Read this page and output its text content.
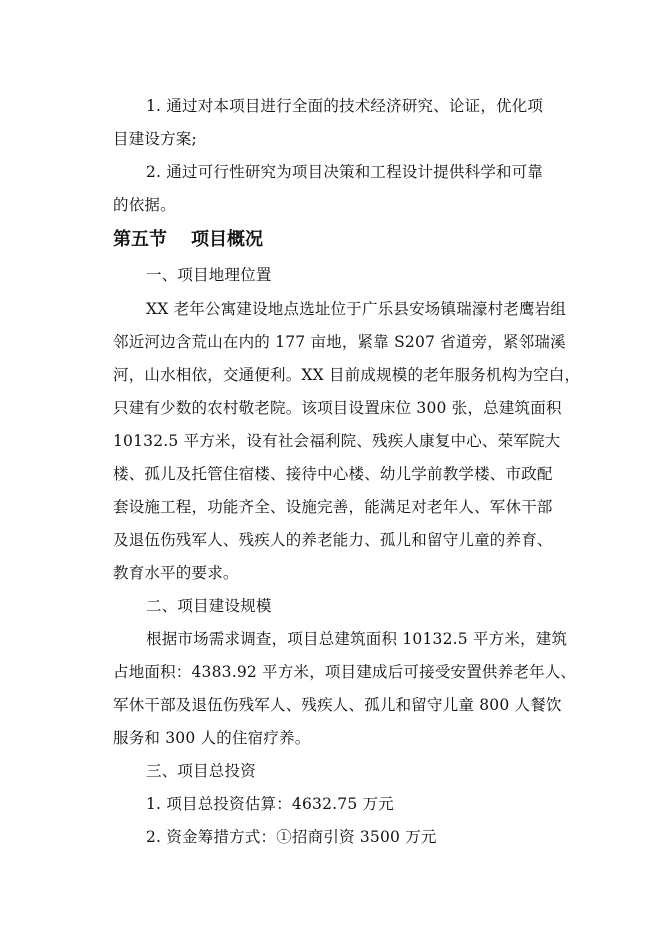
1. 通过对本项目进行全面的技术经济研究、论证，优化项
目建设方案;
2. 通过可行性研究为项目决策和工程设计提供科学和可靠
的依据。
第五节 项目概况
一、项目地理位置
XX 老年公寓建设地点选址位于广乐县安场镇瑞濠村老鹰岩组
邻近河边含荒山在内的 177 亩地，紧靠 S207 省道旁，紧邻瑞溪
河，山水相依，交通便利。XX 目前成规模的老年服务机构为空白，
只建有少数的农村敬老院。该项目设置床位 300 张，总建筑面积
10132.5 平方米，设有社会福利院、残疾人康复中心、荣军院大
楼、孤儿及托管住宿楼、接待中心楼、幼儿学前教学楼、市政配
套设施工程，功能齐全、设施完善，能满足对老年人、军休干部
及退伍伤残军人、残疾人的养老能力、孤儿和留守儿童的养育、
教育水平的要求。
二、项目建设规模
根据市场需求调查，项目总建筑面积 10132.5 平方米，建筑
占地面积：4383.92 平方米，项目建成后可接受安置供养老年人、
军休干部及退伍伤残军人、残疾人、孤儿和留守儿童 800 人餐饮
服务和 300 人的住宿疗养。
三、项目总投资
1. 项目总投资估算：4632.75 万元
2. 资金筹措方式：①招商引资 3500 万元
